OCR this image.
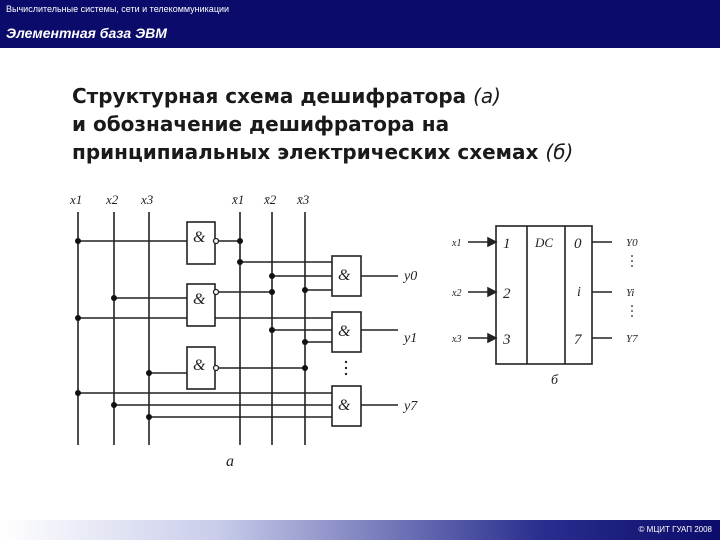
Вычислительные системы, сети и телекоммуникации
Элементная база ЭВМ
Структурная схема дешифратора (а)
и обозначение дешифратора на
принципиальных электрических схемах (б)
&
&
&
&
&
&
x1 x2 x3	x̄1 x̄2 x̄3
y0
y1
y7
а
x1
x2
x3
1
2
3
DC 0
i
7
Y0
Yi
Y7
б
© МЦИТ ГУАП 2008
